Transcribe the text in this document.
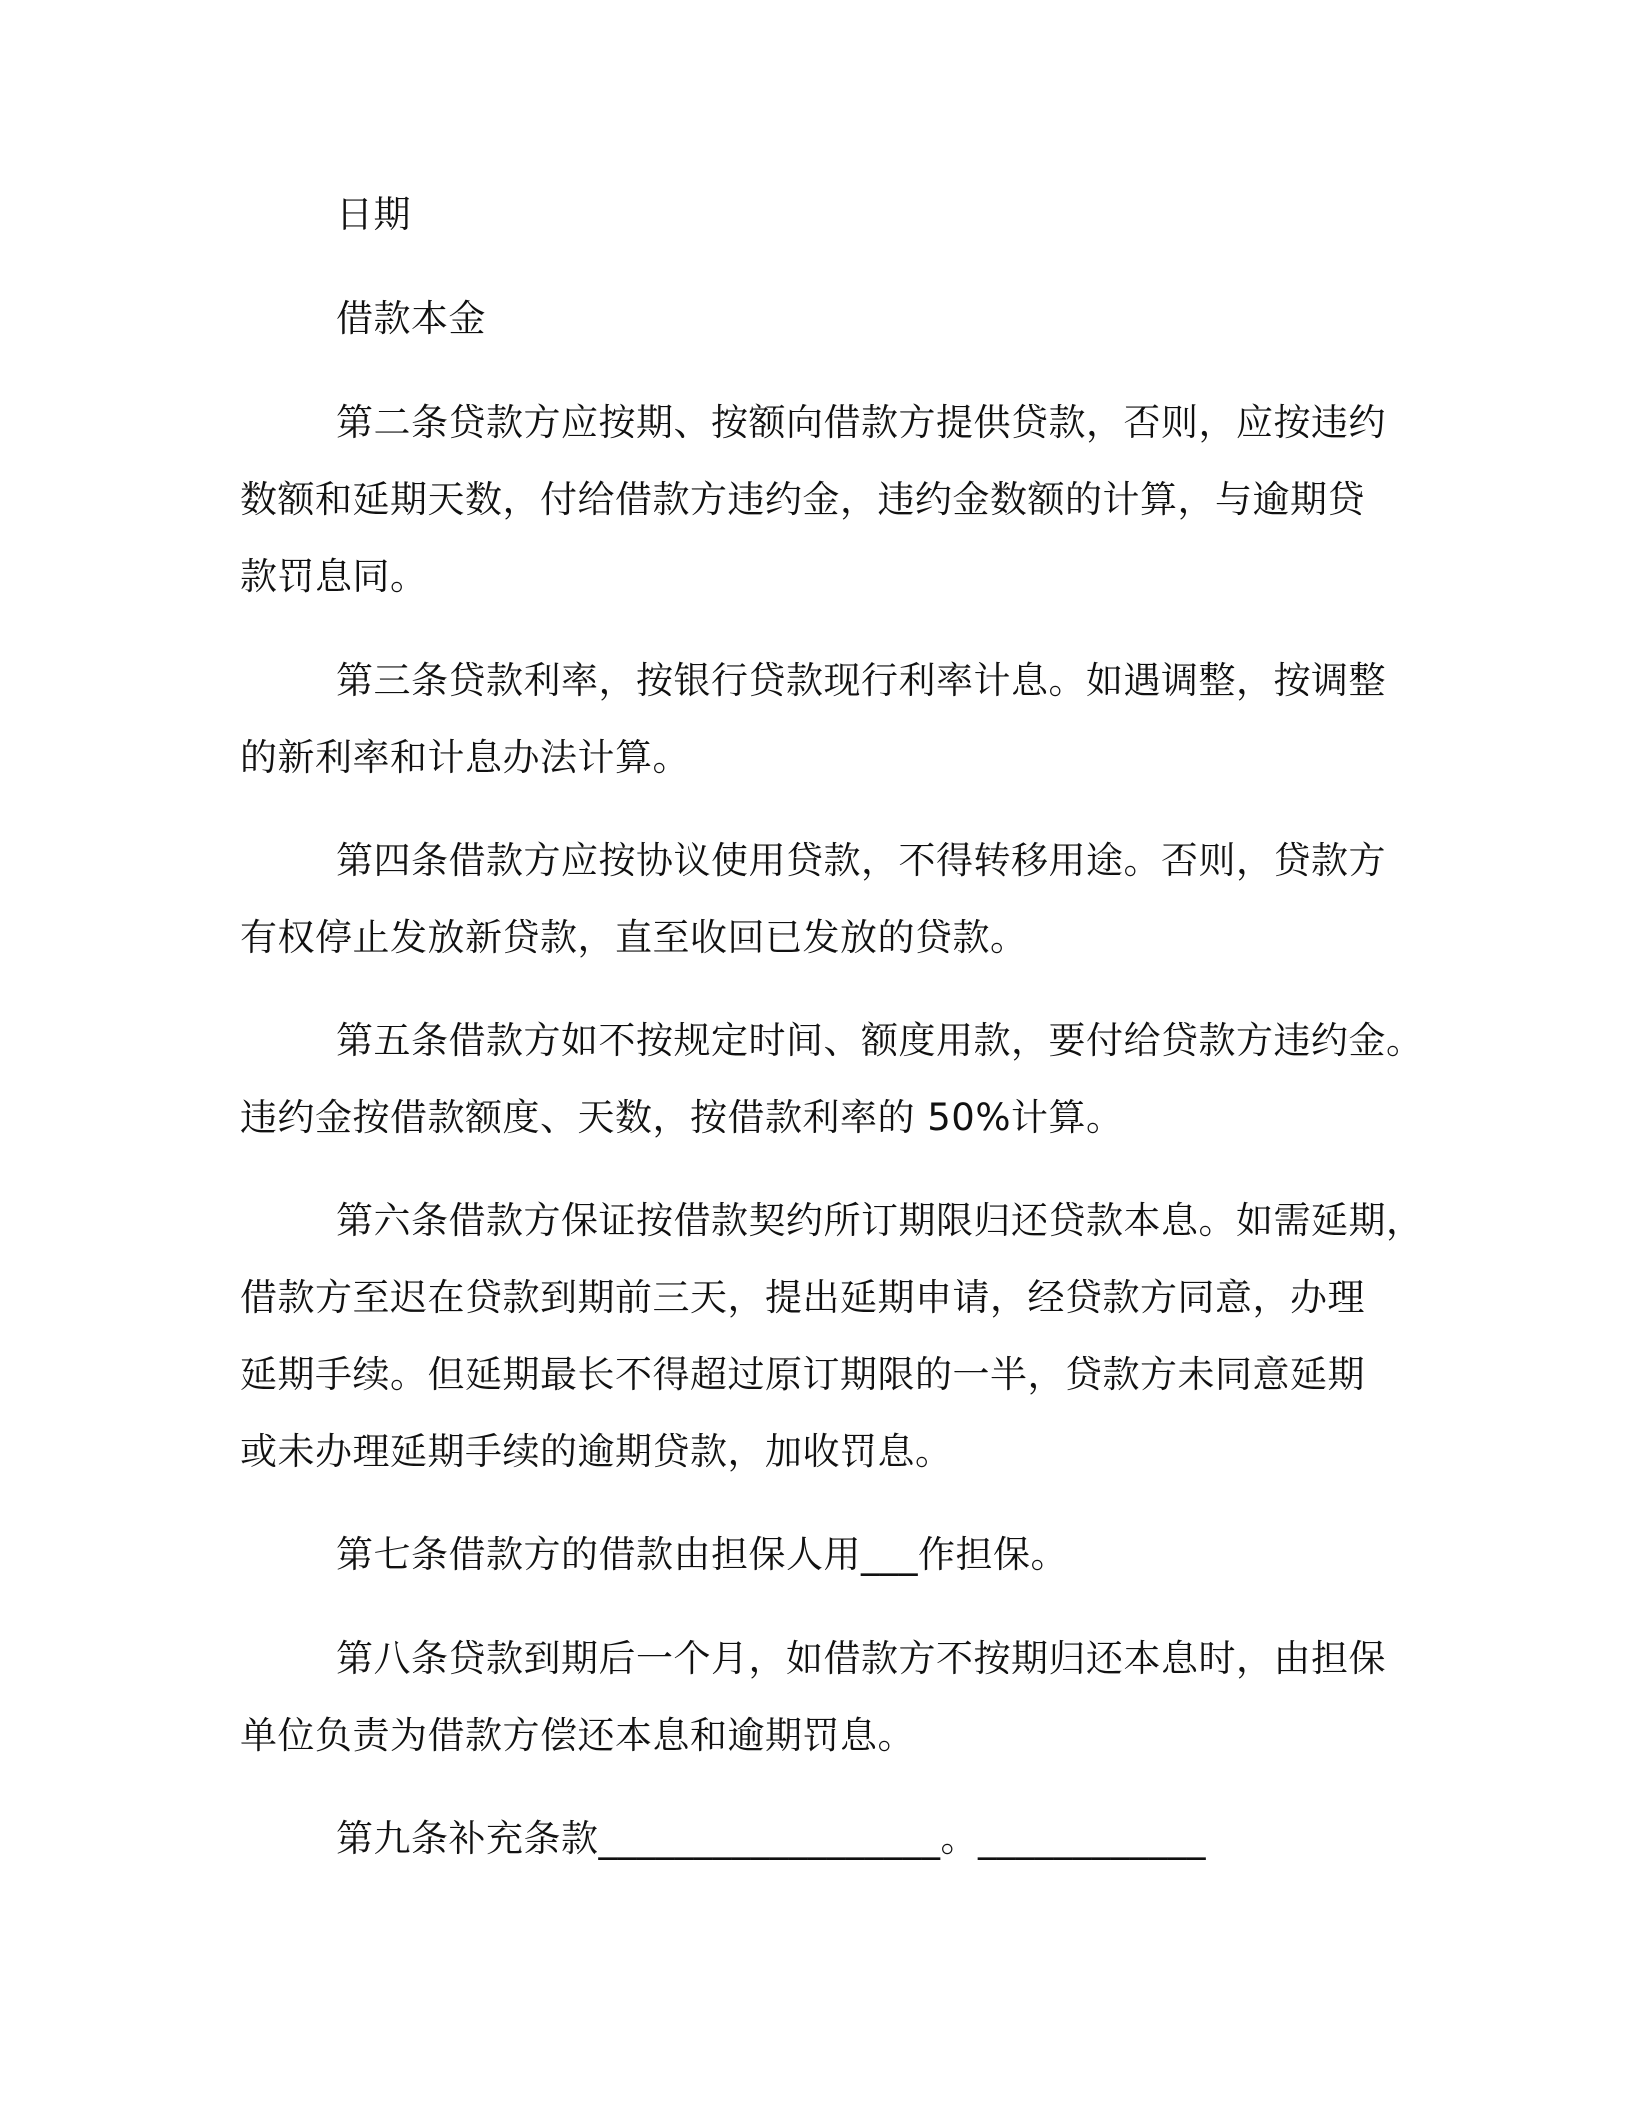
日期
借款本金
第二条贷款方应按期、按额向借款方提供贷款，否则，应按违约
数额和延期天数，付给借款方违约金，违约金数额的计算，与逾期贷
款罚息同。
第三条贷款利率，按银行贷款现行利率计息。如遇调整，按调整
的新利率和计息办法计算。
第四条借款方应按协议使用贷款，不得转移用途。否则，贷款方
有权停止发放新贷款，直至收回已发放的贷款。
第五条借款方如不按规定时间、额度用款，要付给贷款方违约金。
违约金按借款额度、天数，按借款利率的 50%计算。
第六条借款方保证按借款契约所订期限归还贷款本息。如需延期，
借款方至迟在贷款到期前三天，提出延期申请，经贷款方同意，办理
延期手续。但延期最长不得超过原订期限的一半，贷款方未同意延期
或未办理延期手续的逾期贷款，加收罚息。
第七条借款方的借款由担保人用___作担保。
第八条贷款到期后一个月，如借款方不按期归还本息时，由担保
单位负责为借款方偿还本息和逾期罚息。
第九条补充条款__________________。____________
